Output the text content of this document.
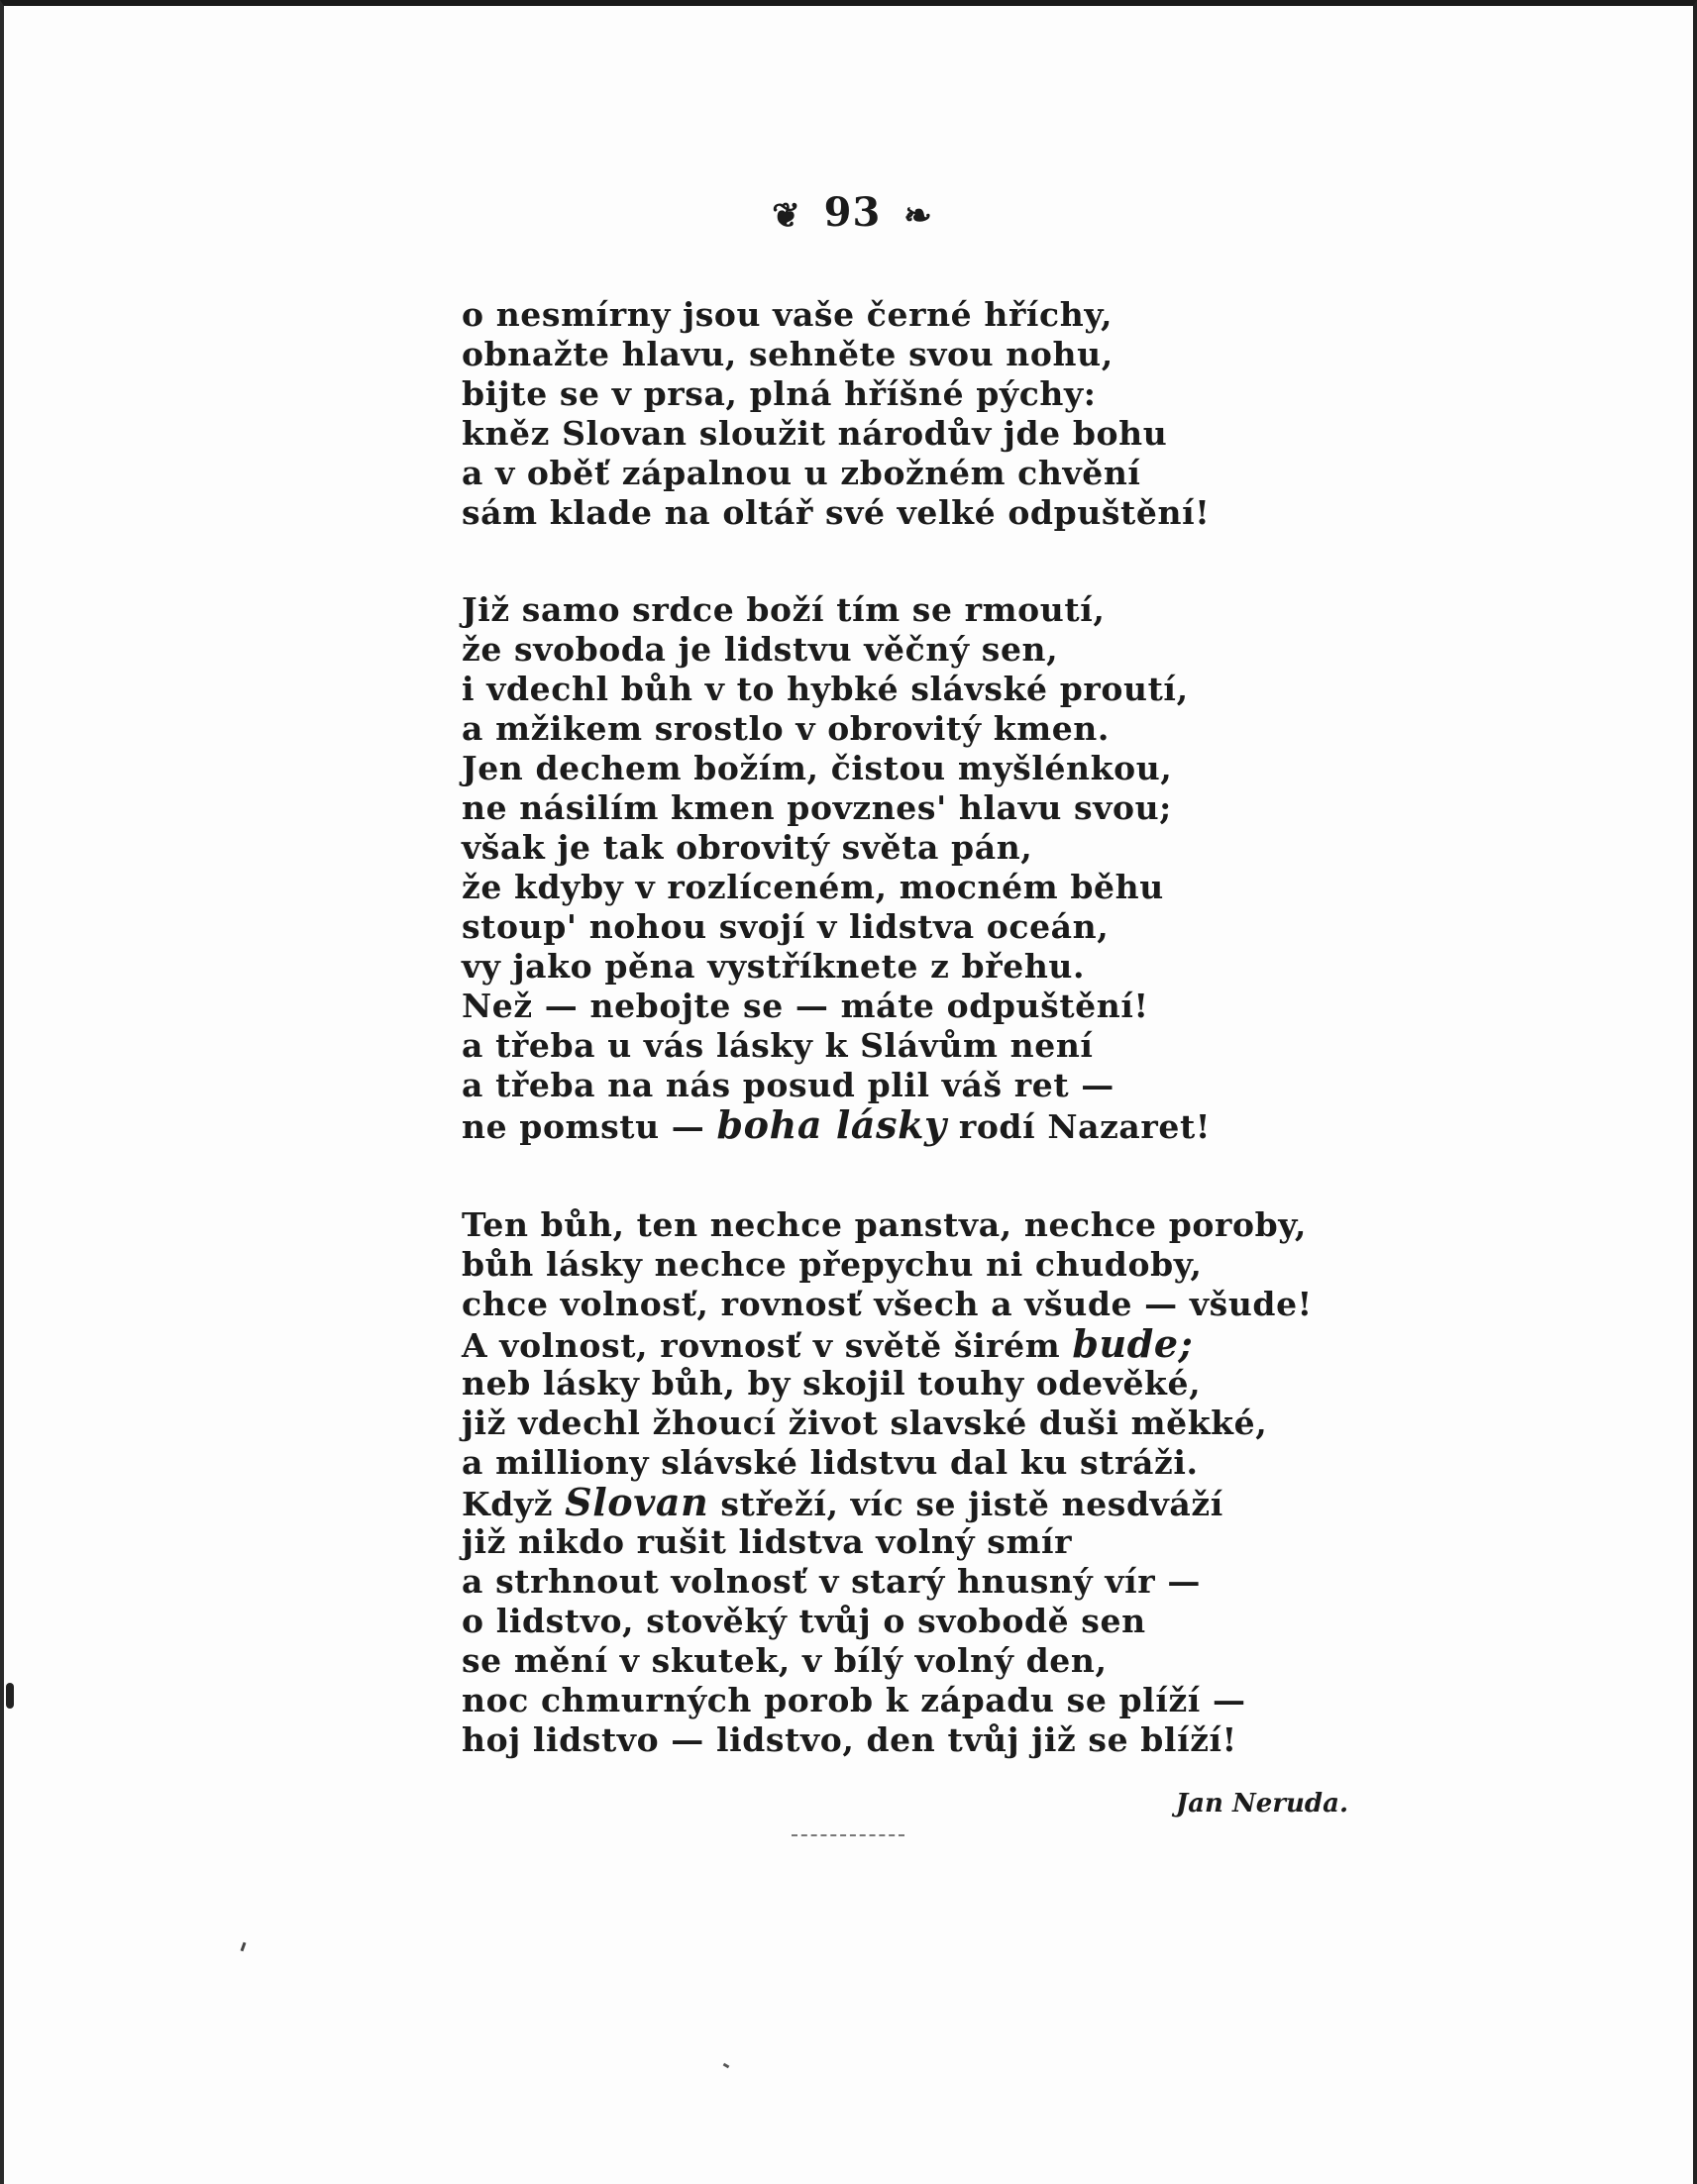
❦ 93 ❧
o nesmírny jsou vaše černé hříchy,
obnažte hlavu, sehněte svou nohu,
bijte se v prsa, plná hříšné pýchy:
kněz Slovan sloužit národův jde bohu
a v oběť zápalnou u zbožném chvění
sám klade na oltář své velké odpuštění!
Již samo srdce boží tím se rmoutí,
že svoboda je lidstvu věčný sen,
i vdechl bůh v to hybké slávské proutí,
a mžikem srostlo v obrovitý kmen.
Jen dechem božím, čistou myšlénkou,
ne násilím kmen povznes' hlavu svou;
však je tak obrovitý světa pán,
že kdyby v rozlíceném, mocném běhu
stoup' nohou svojí v lidstva oceán,
vy jako pěna vystříknete z břehu.
Než — nebojte se — máte odpuštění!
a třeba u vás lásky k Slávům není
a třeba na nás posud plil váš ret —
ne pomstu — boha lásky rodí Nazaret!
Ten bůh, ten nechce panstva, nechce poroby,
bůh lásky nechce přepychu ni chudoby,
chce volnosť, rovnosť všech a všude — všude!
A volnost, rovnosť v světě širém bude;
neb lásky bůh, by skojil touhy odevěké,
již vdechl žhoucí život slavské duši měkké,
a milliony slávské lidstvu dal ku stráži.
Když Slovan střeží, víc se jistě nesdváží
již nikdo rušit lidstva volný smír
a strhnout volnosť v starý hnusný vír —
o lidstvo, stověký tvůj o svobodě sen
se mění v skutek, v bílý volný den,
noc chmurných porob k západu se plíží —
hoj lidstvo — lidstvo, den tvůj již se blíží!
Jan Neruda.
